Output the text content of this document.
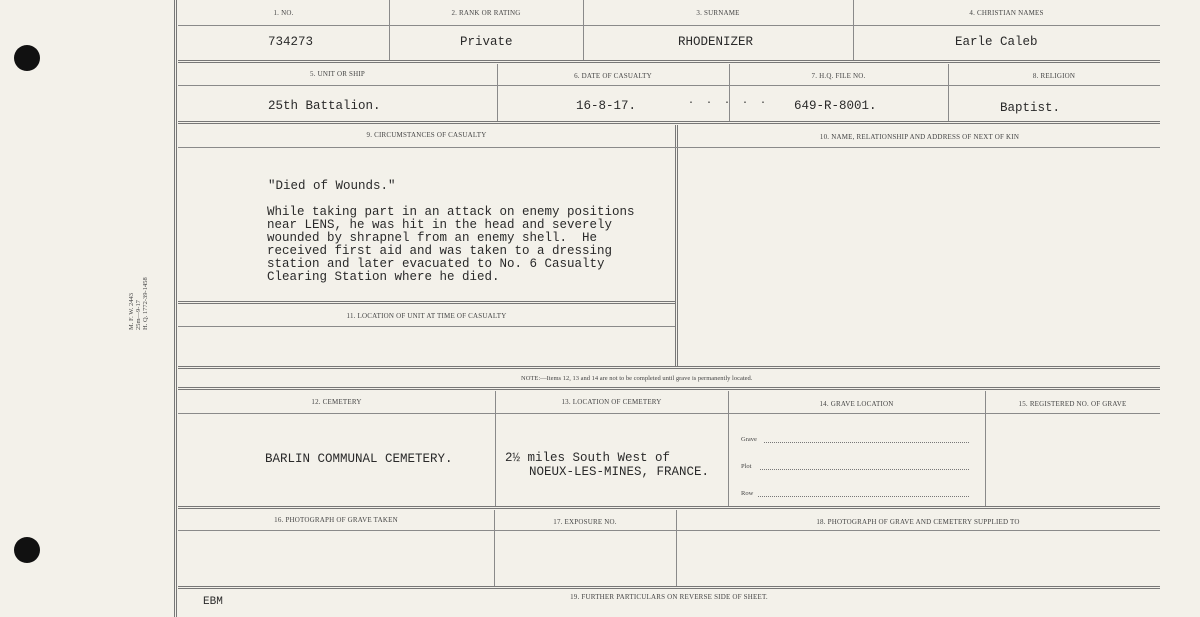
M. F. W. 2443 25m—9-17 H. Q. 1772-39-1458
1. NO.	2. RANK OR RATING	3. SURNAME	4. CHRISTIAN NAMES
734273	Private	RHODENIZER	Earle Caleb
5. UNIT OR SHIP	6. DATE OF CASUALTY	7. H.Q. FILE NO.	8. RELIGION
25th Battalion.	16-8-17.	. . . . . 649-R-8001.	Baptist.
9. CIRCUMSTANCES OF CASUALTY	10. NAME, RELATIONSHIP AND ADDRESS OF NEXT OF KIN
"Died of Wounds."
While taking part in an attack on enemy positions
near LENS, he was hit in the head and severely
wounded by shrapnel from an enemy shell.  He
received first aid and was taken to a dressing
station and later evacuated to No. 6 Casualty
Clearing Station where he died.
11. LOCATION OF UNIT AT TIME OF CASUALTY
NOTE:—Items 12, 13 and 14 are not to be completed until grave is permanently located.
12. CEMETERY	13. LOCATION OF CEMETERY	14. GRAVE LOCATION	15. REGISTERED NO. OF GRAVE
BARLIN COMMUNAL CEMETERY.	2½ miles South West of
NOEUX-LES-MINES, FRANCE.
Grave
Plot
Row
16. PHOTOGRAPH OF GRAVE TAKEN	17. EXPOSURE NO.	18. PHOTOGRAPH OF GRAVE AND CEMETERY SUPPLIED TO
EBM	19. FURTHER PARTICULARS ON REVERSE SIDE OF SHEET.
